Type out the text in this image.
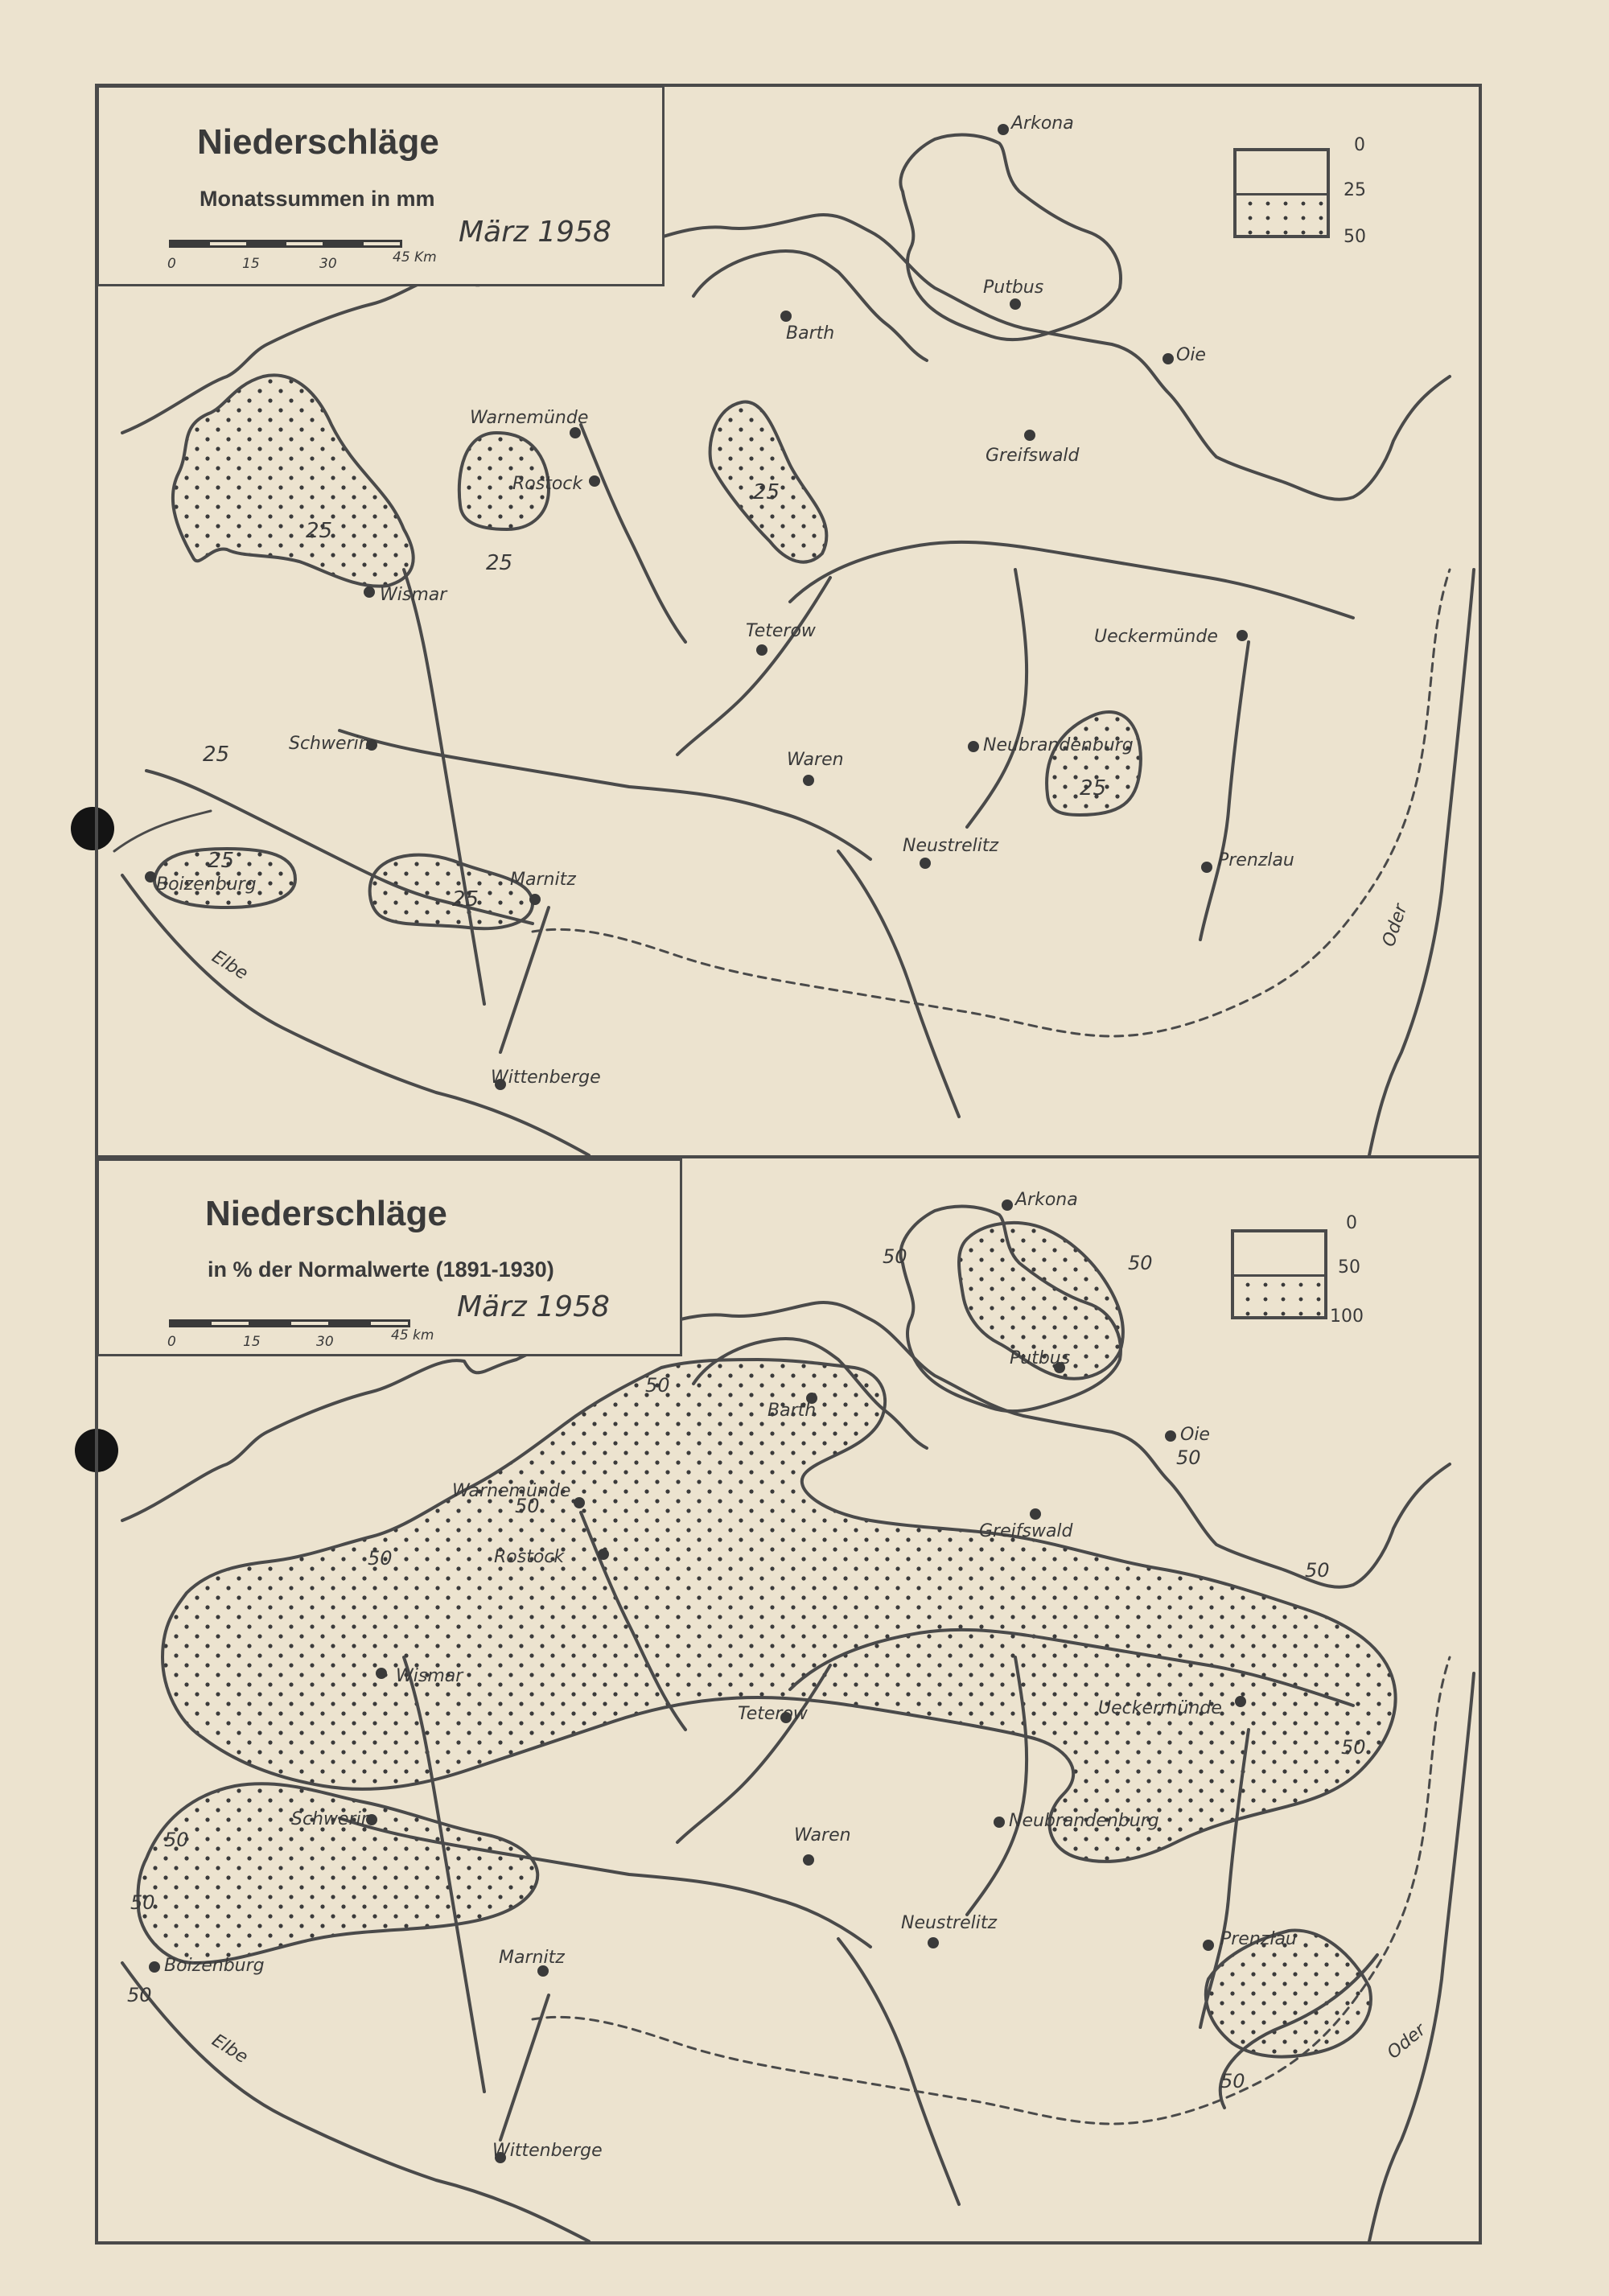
Arkona
Putbus
Oie
Barth
Warnemünde
Rostock
Greifswald
Wismar
Teterow	Ueckermünde
Schwerin
Waren
Neubrandenburg
Neustrelitz
Prenzlau
Boizenburg	Marnitz
Wittenberge
Elbe
Oder
25
25
25
25
25
25
25
Niederschläge
Monatssummen in mm
März 1958
0	15	30	45 Km
0
25
50
Arkona
Putbus
Oie
Barth
Warnemünde
Rostock
Greifswald
Wismar
Teterow	Ueckermünde
Schwerin
Waren
Neubrandenburg
Neustrelitz
Prenzlau
Boizenburg	Marnitz
Wittenberge
Elbe	Oder
50	50
50
50
50
50
50
50
50
50
50
50
Niederschläge
in % der Normalwerte (1891-1930)
März 1958
0	15	30	45 km
0
50
100
